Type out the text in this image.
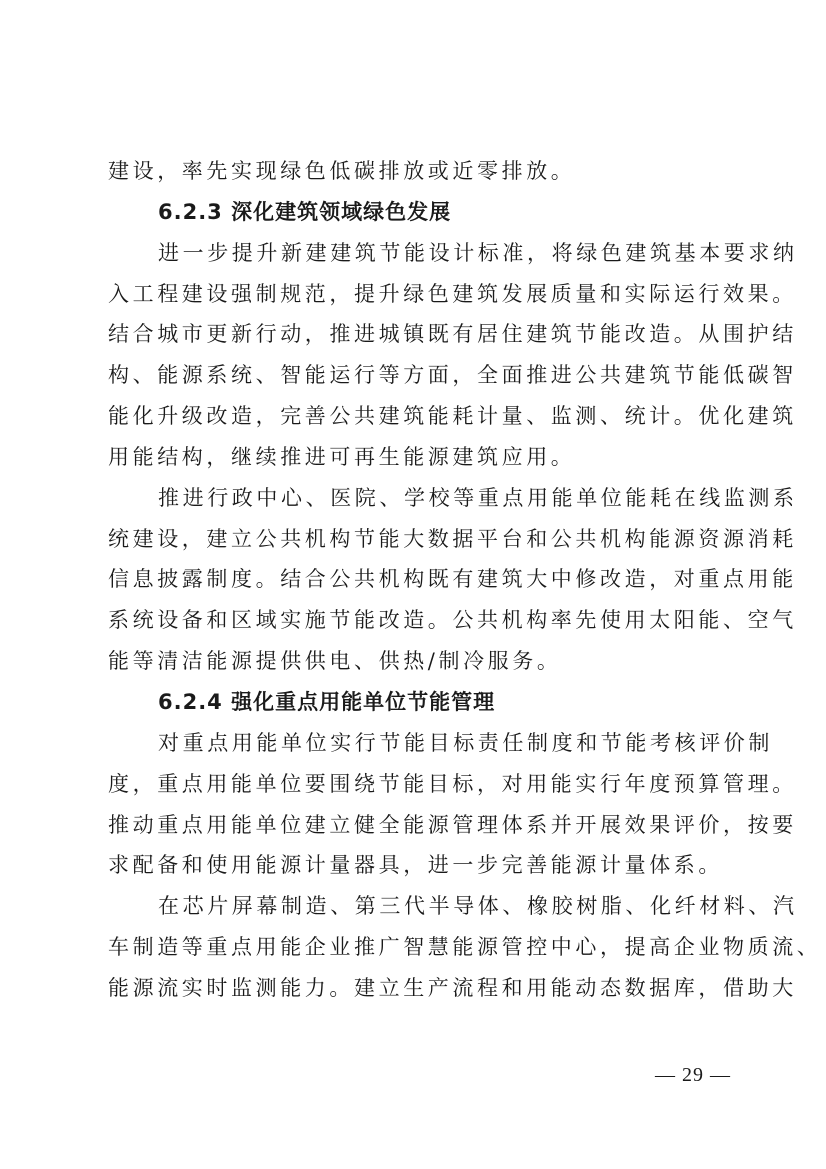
建设，率先实现绿色低碳排放或近零排放。
6.2.3 深化建筑领域绿色发展
进一步提升新建建筑节能设计标准，将绿色建筑基本要求纳
入工程建设强制规范，提升绿色建筑发展质量和实际运行效果。
结合城市更新行动，推进城镇既有居住建筑节能改造。从围护结
构、能源系统、智能运行等方面，全面推进公共建筑节能低碳智
能化升级改造，完善公共建筑能耗计量、监测、统计。优化建筑
用能结构，继续推进可再生能源建筑应用。
推进行政中心、医院、学校等重点用能单位能耗在线监测系
统建设，建立公共机构节能大数据平台和公共机构能源资源消耗
信息披露制度。结合公共机构既有建筑大中修改造，对重点用能
系统设备和区域实施节能改造。公共机构率先使用太阳能、空气
能等清洁能源提供供电、供热/制冷服务。
6.2.4 强化重点用能单位节能管理
对重点用能单位实行节能目标责任制度和节能考核评价制
度，重点用能单位要围绕节能目标，对用能实行年度预算管理。
推动重点用能单位建立健全能源管理体系并开展效果评价，按要
求配备和使用能源计量器具，进一步完善能源计量体系。
在芯片屏幕制造、第三代半导体、橡胶树脂、化纤材料、汽
车制造等重点用能企业推广智慧能源管控中心，提高企业物质流、
能源流实时监测能力。建立生产流程和用能动态数据库，借助大
— 29 —
